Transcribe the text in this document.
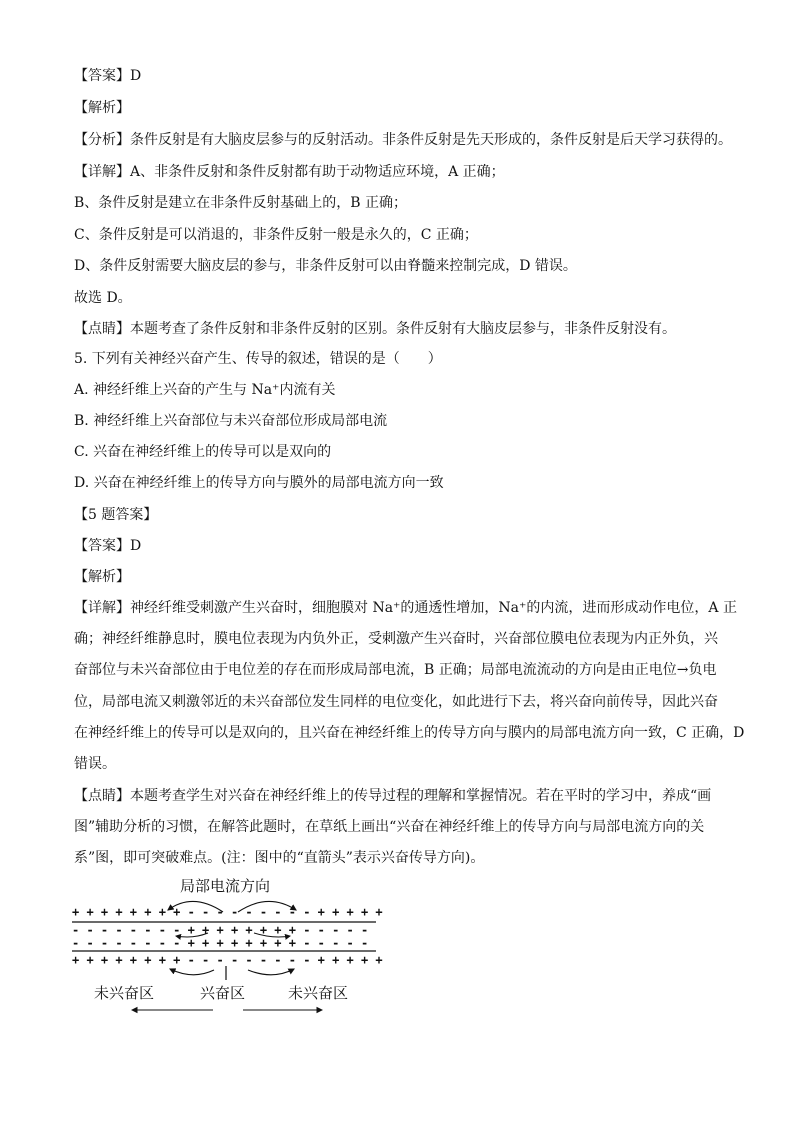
【答案】D
【解析】
【分析】条件反射是有大脑皮层参与的反射活动。非条件反射是先天形成的，条件反射是后天学习获得的。
【详解】A、非条件反射和条件反射都有助于动物适应环境，A 正确；
B、条件反射是建立在非条件反射基础上的，B 正确；
C、条件反射是可以消退的，非条件反射一般是永久的，C 正确；
D、条件反射需要大脑皮层的参与，非条件反射可以由脊髓来控制完成，D 错误。
故选 D。
【点睛】本题考查了条件反射和非条件反射的区别。条件反射有大脑皮层参与，非条件反射没有。
5. 下列有关神经兴奋产生、传导的叙述，错误的是（　　）
A. 神经纤维上兴奋的产生与 Na⁺内流有关
B. 神经纤维上兴奋部位与未兴奋部位形成局部电流
C. 兴奋在神经纤维上的传导可以是双向的
D. 兴奋在神经纤维上的传导方向与膜外的局部电流方向一致
【5 题答案】
【答案】D
【解析】
【详解】神经纤维受刺激产生兴奋时，细胞膜对 Na⁺的通透性增加，Na⁺的内流，进而形成动作电位，A 正
确；神经纤维静息时，膜电位表现为内负外正，受刺激产生兴奋时，兴奋部位膜电位表现为内正外负，兴
奋部位与未兴奋部位由于电位差的存在而形成局部电流，B 正确；局部电流流动的方向是由正电位→负电
位，局部电流又刺激邻近的未兴奋部位发生同样的电位变化，如此进行下去，将兴奋向前传导，因此兴奋
在神经纤维上的传导可以是双向的，且兴奋在神经纤维上的传导方向与膜内的局部电流方向一致，C 正确，D
错误。
【点睛】本题考查学生对兴奋在神经纤维上的传导过程的理解和掌握情况。若在平时的学习中，养成“画
图”辅助分析的习惯，在解答此题时，在草纸上画出“兴奋在神经纤维上的传导方向与局部电流方向的关
系”图，即可突破难点。(注：图中的“直箭头”表示兴奋传导方向)。
局部电流方向
+ + + + + + + + - - - - - - - - - + + + + +
- - - - - - - - + + + + + + + + - - - - -
- - - - - - - - + + + + + + + + - - - - -
+ + + + + + + + - - - - - - - - - + + + + +
未兴奋区	兴奋区	未兴奋区
